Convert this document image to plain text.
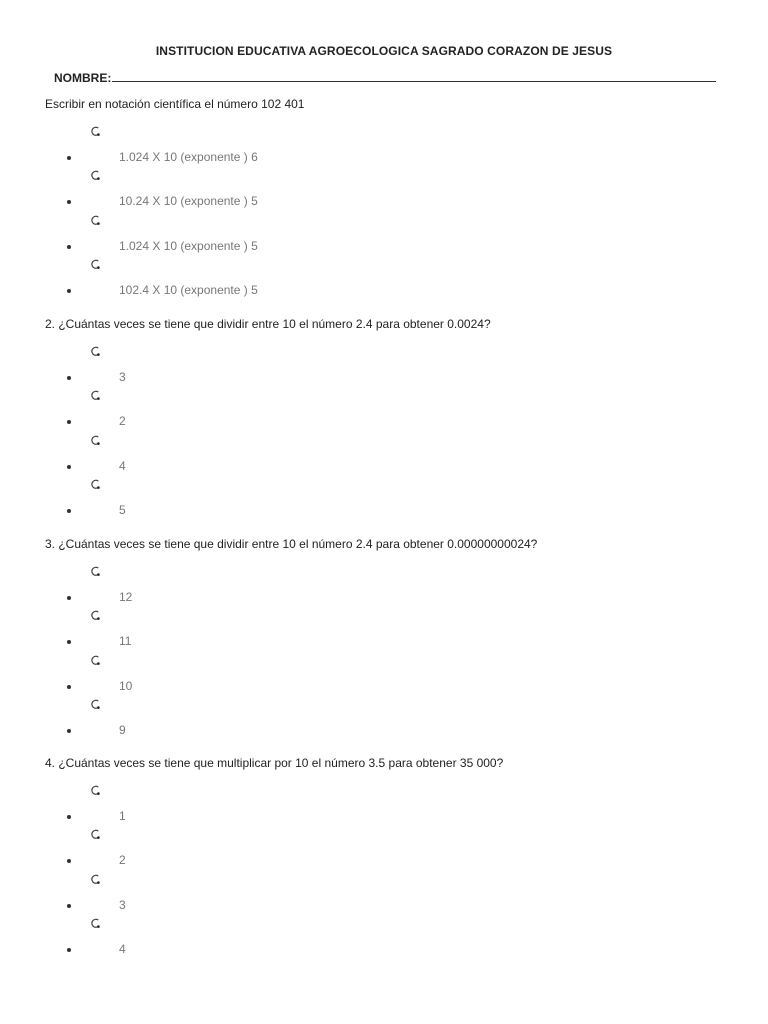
INSTITUCION EDUCATIVA AGROECOLOGICA SAGRADO CORAZON DE JESUS
NOMBRE:
Escribir en notación científica el número 102 401
1.024 X 10 (exponente ) 6
10.24 X 10 (exponente ) 5
1.024 X 10 (exponente ) 5
102.4 X 10 (exponente ) 5
2. ¿Cuántas veces se tiene que dividir entre 10 el número 2.4 para obtener 0.0024?
3
2
4
5
3. ¿Cuántas veces se tiene que dividir entre 10 el número 2.4 para obtener 0.00000000024?
12
11
10
9
4. ¿Cuántas veces se tiene que multiplicar por 10 el número 3.5 para obtener 35 000?
1
2
3
4
